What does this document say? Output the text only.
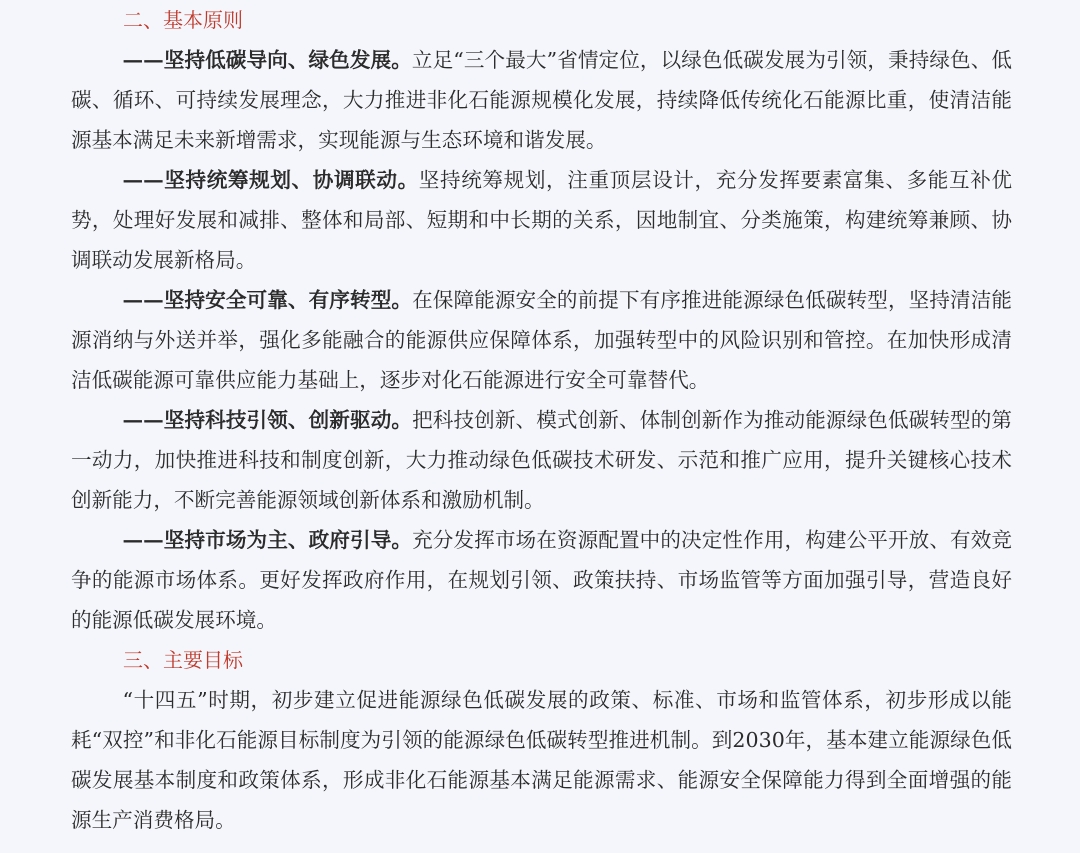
二、基本原则

——坚持低碳导向、绿色发展。立足“三个最大”省情定位，以绿色低碳发展为引领，秉持绿色、低碳、循环、可持续发展理念，大力推进非化石能源规模化发展，持续降低传统化石能源比重，使清洁能源基本满足未来新增需求，实现能源与生态环境和谐发展。

——坚持统筹规划、协调联动。坚持统筹规划，注重顶层设计，充分发挥要素富集、多能互补优势，处理好发展和减排、整体和局部、短期和中长期的关系，因地制宜、分类施策，构建统筹兼顾、协调联动发展新格局。

——坚持安全可靠、有序转型。在保障能源安全的前提下有序推进能源绿色低碳转型，坚持清洁能源消纳与外送并举，强化多能融合的能源供应保障体系，加强转型中的风险识别和管控。在加快形成清洁低碳能源可靠供应能力基础上，逐步对化石能源进行安全可靠替代。

——坚持科技引领、创新驱动。把科技创新、模式创新、体制创新作为推动能源绿色低碳转型的第一动力，加快推进科技和制度创新，大力推动绿色低碳技术研发、示范和推广应用，提升关键核心技术创新能力，不断完善能源领域创新体系和激励机制。

——坚持市场为主、政府引导。充分发挥市场在资源配置中的决定性作用，构建公平开放、有效竞争的能源市场体系。更好发挥政府作用，在规划引领、政策扶持、市场监管等方面加强引导，营造良好的能源低碳发展环境。

三、主要目标

“十四五”时期，初步建立促进能源绿色低碳发展的政策、标准、市场和监管体系，初步形成以能耗“双控”和非化石能源目标制度为引领的能源绿色低碳转型推进机制。到2030年，基本建立能源绿色低碳发展基本制度和政策体系，形成非化石能源基本满足能源需求、能源安全保障能力得到全面增强的能源生产消费格局。
